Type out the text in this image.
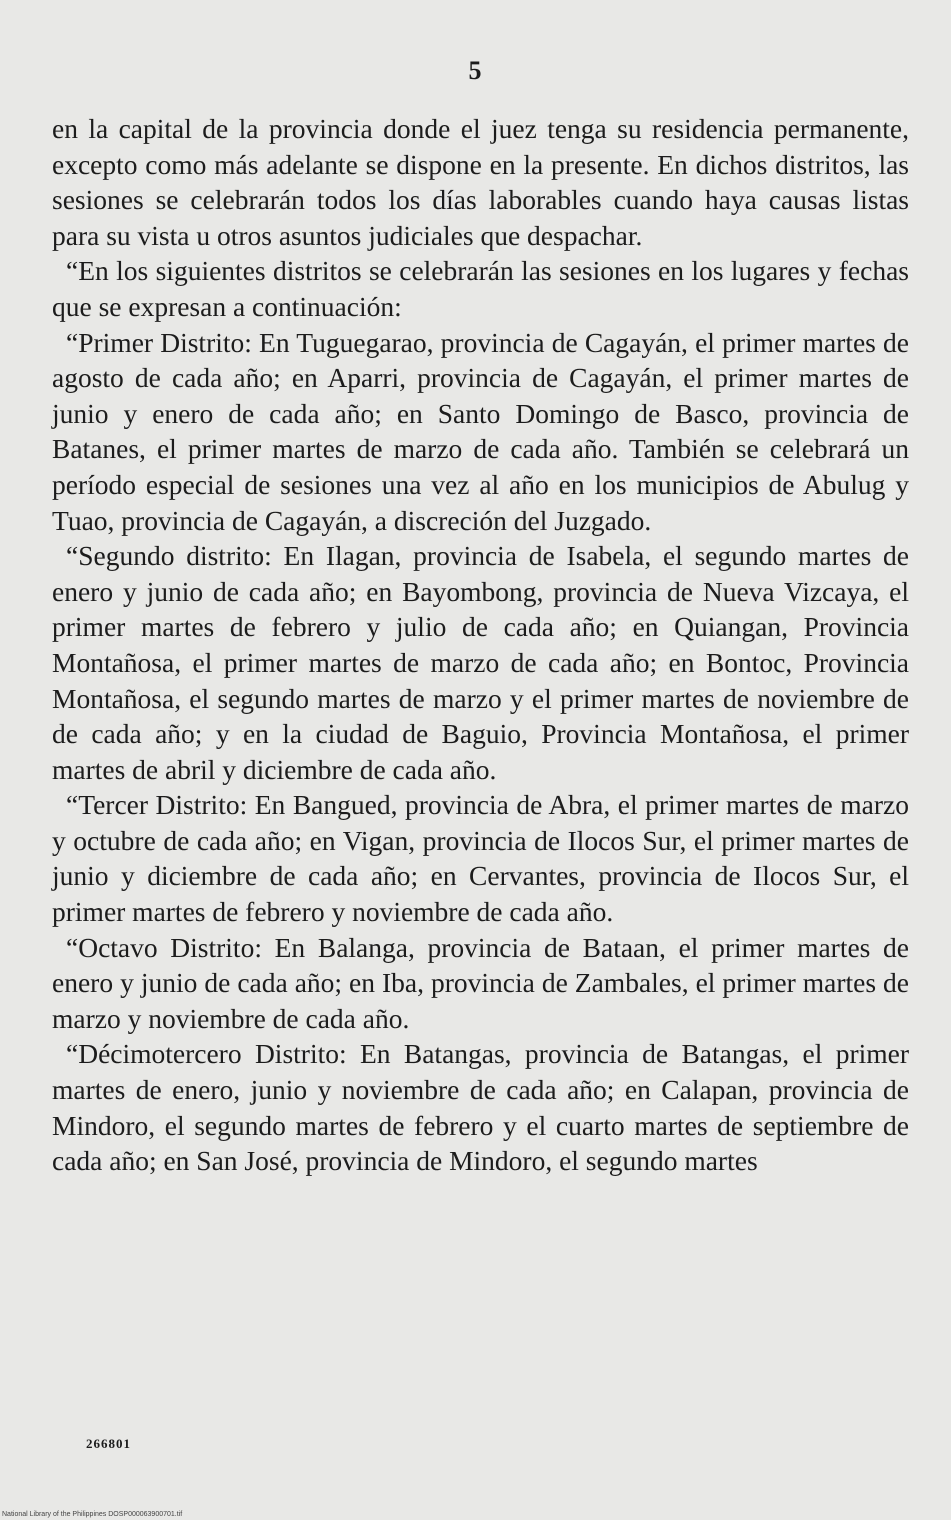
5

en la capital de la provincia donde el juez tenga su residencia permanente, excepto como más adelante se dispone en la presente. En dichos distritos, las sesiones se celebrarán todos los días laborables cuando haya causas listas para su vista u otros asuntos judiciales que despachar.

“En los siguientes distritos se celebrarán las sesiones en los lugares y fechas que se expresan a continuación:

“Primer Distrito: En Tuguegarao, provincia de Cagayán, el primer martes de agosto de cada año; en Aparri, provincia de Cagayán, el primer martes de junio y enero de cada año; en Santo Domingo de Basco, provincia de Batanes, el primer martes de marzo de cada año. También se celebrará un período especial de sesiones una vez al año en los municipios de Abulug y Tuao, provincia de Cagayán, a discreción del Juzgado.

“Segundo distrito: En Ilagan, provincia de Isabela, el segundo martes de enero y junio de cada año; en Bayombong, provincia de Nueva Vizcaya, el primer martes de febrero y julio de cada año; en Quiangan, Provincia Montañosa, el primer martes de marzo de cada año; en Bontoc, Provincia Montañosa, el segundo martes de marzo y el primer martes de noviembre de de cada año; y en la ciudad de Baguio, Provincia Montañosa, el primer martes de abril y diciembre de cada año.

“Tercer Distrito: En Bangued, provincia de Abra, el primer martes de marzo y octubre de cada año; en Vigan, provincia de Ilocos Sur, el primer martes de junio y diciembre de cada año; en Cervantes, provincia de Ilocos Sur, el primer martes de febrero y noviembre de cada año.

“Octavo Distrito: En Balanga, provincia de Bataan, el primer martes de enero y junio de cada año; en Iba, provincia de Zambales, el primer martes de marzo y noviembre de cada año.

“Décimotercero Distrito: En Batangas, provincia de Batangas, el primer martes de enero, junio y noviembre de cada año; en Calapan, provincia de Mindoro, el segundo martes de febrero y el cuarto martes de septiembre de cada año; en San José, provincia de Mindoro, el segundo martes

266801
National Library of the Philippines DOSP000063900701.tif
